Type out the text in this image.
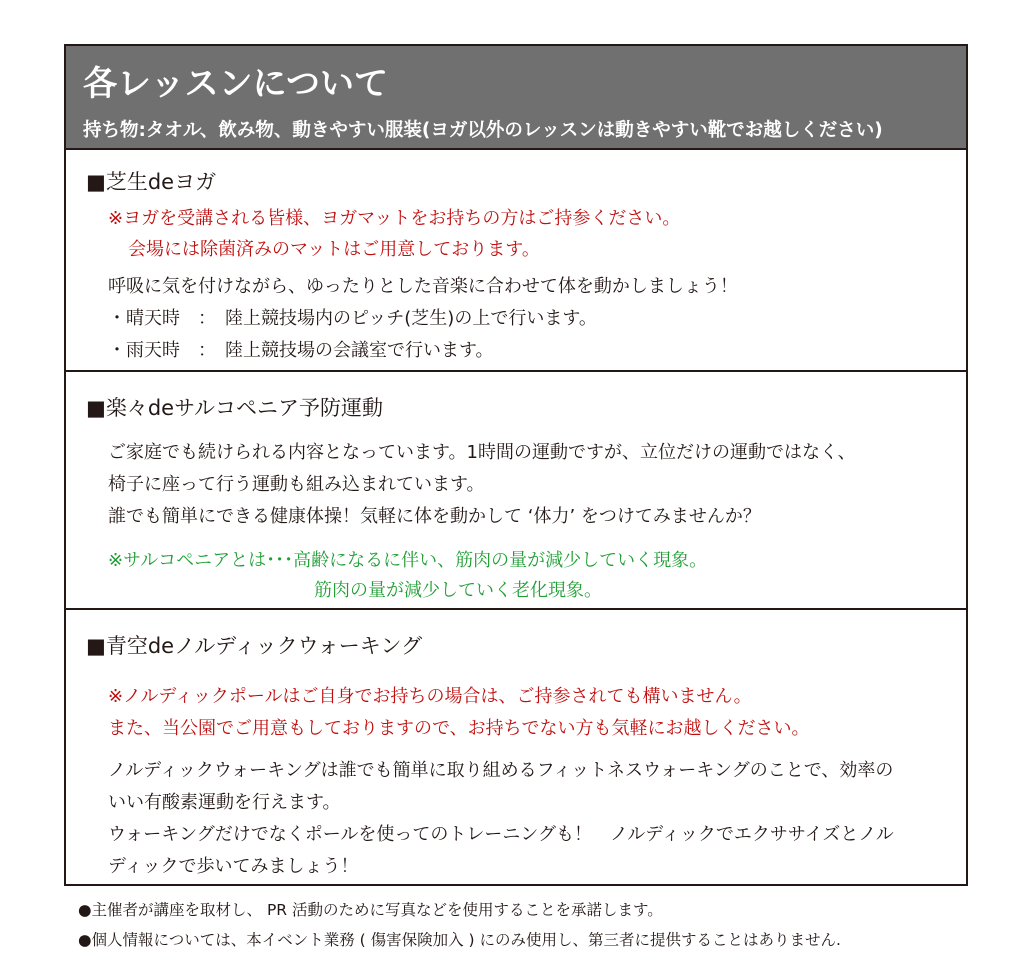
各レッスンについて
持ち物:タオル、飲み物、動きやすい服装(ヨガ以外のレッスンは動きやすい靴でお越しください)
■芝生deヨガ
※ヨガを受講される皆様、ヨガマットをお持ちの方はご持参ください。
会場には除菌済みのマットはご用意しております。
呼吸に気を付けながら、ゆったりとした音楽に合わせて体を動かしましょう！
・晴天時　：　陸上競技場内のピッチ(芝生)の上で行います。
・雨天時　：　陸上競技場の会議室で行います。
■楽々deサルコペニア予防運動
ご家庭でも続けられる内容となっています。1時間の運動ですが、立位だけの運動ではなく、
椅子に座って行う運動も組み込まれています。
誰でも簡単にできる健康体操！気軽に体を動かして ‘体力’ をつけてみませんか？
※サルコペニアとは･･･高齢になるに伴い、筋肉の量が減少していく現象。
筋肉の量が減少していく老化現象。
■青空deノルディックウォーキング
※ノルディックポールはご自身でお持ちの場合は、ご持参されても構いません。
また、当公園でご用意もしておりますので、お持ちでない方も気軽にお越しください。
ノルディックウォーキングは誰でも簡単に取り組めるフィットネスウォーキングのことで、効率の
いい有酸素運動を行えます。
ウォーキングだけでなくポールを使ってのトレーニングも！　ノルディックでエクササイズとノル
ディックで歩いてみましょう！
●主催者が講座を取材し、 PR 活動のために写真などを使用することを承諾します。
●個人情報については、本イベント業務 ( 傷害保険加入 ) にのみ使用し、第三者に提供することはありません.
